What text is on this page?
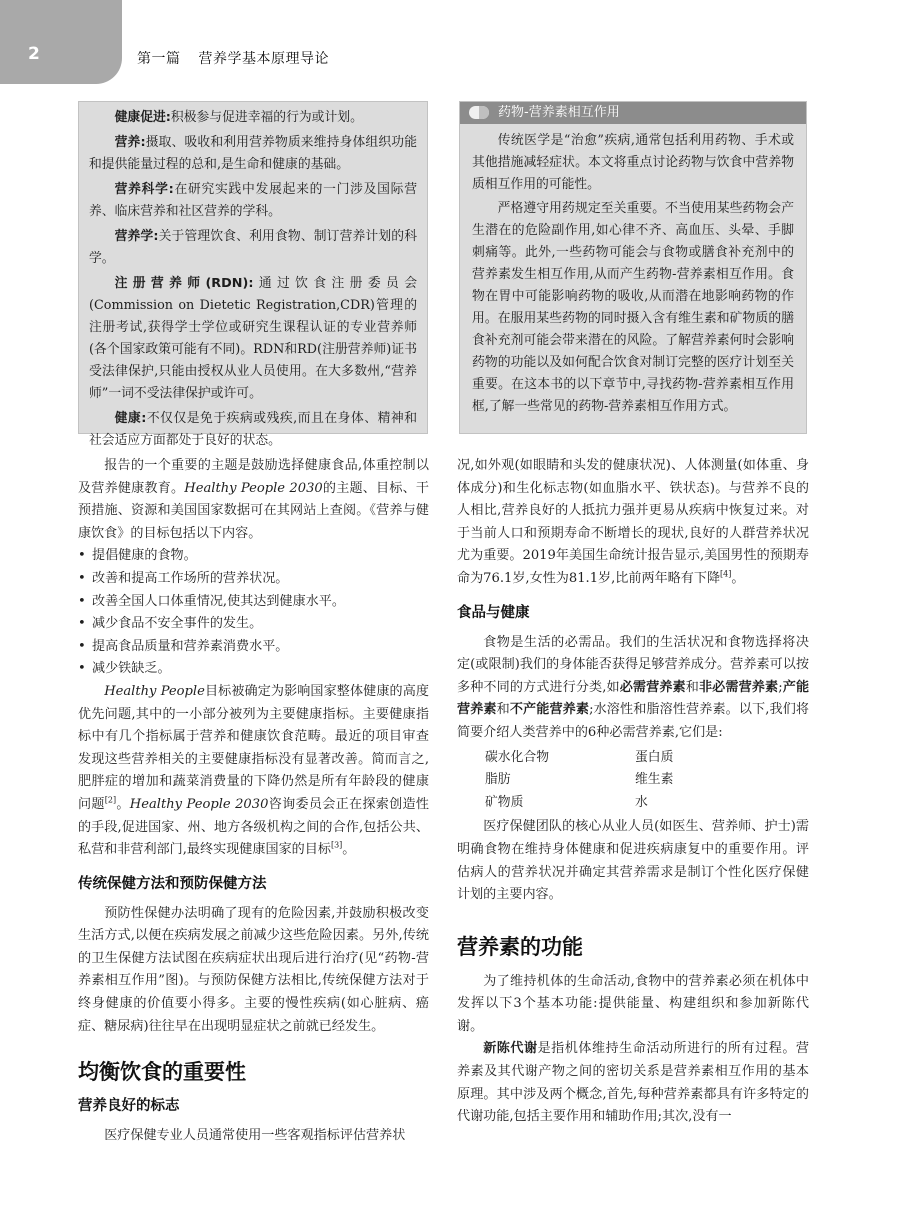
2	第一篇 营养学基本原理导论

健康促进:积极参与促进幸福的行为或计划。

营养:摄取、吸收和利用营养物质来维持身体组织功能和提供能量过程的总和,是生命和健康的基础。

营养科学:在研究实践中发展起来的一门涉及国际营养、临床营养和社区营养的学科。

营养学:关于管理饮食、利用食物、制订营养计划的科学。

注册营养师(RDN):通过饮食注册委员会(Commission on Dietetic Registration,CDR)管理的注册考试,获得学士学位或研究生课程认证的专业营养师(各个国家政策可能有不同)。RDN和RD(注册营养师)证书受法律保护,只能由授权从业人员使用。在大多数州,“营养师”一词不受法律保护或许可。

健康:不仅仅是免于疾病或残疾,而且在身体、精神和社会适应方面都处于良好的状态。

药物-营养素相互作用

传统医学是“治愈”疾病,通常包括利用药物、手术或其他措施减轻症状。本文将重点讨论药物与饮食中营养物质相互作用的可能性。

严格遵守用药规定至关重要。不当使用某些药物会产生潜在的危险副作用,如心律不齐、高血压、头晕、手脚刺痛等。此外,一些药物可能会与食物或膳食补充剂中的营养素发生相互作用,从而产生药物-营养素相互作用。食物在胃中可能影响药物的吸收,从而潜在地影响药物的作用。在服用某些药物的同时摄入含有维生素和矿物质的膳食补充剂可能会带来潜在的风险。了解营养素何时会影响药物的功能以及如何配合饮食对制订完整的医疗计划至关重要。在这本书的以下章节中,寻找药物-营养素相互作用框,了解一些常见的药物-营养素相互作用方式。

报告的一个重要的主题是鼓励选择健康食品,体重控制以及营养健康教育。Healthy People 2030的主题、目标、干预措施、资源和美国国家数据可在其网站上查阅。《营养与健康饮食》的目标包括以下内容。

• 提倡健康的食物。
• 改善和提高工作场所的营养状况。
• 改善全国人口体重情况,使其达到健康水平。
• 减少食品不安全事件的发生。
• 提高食品质量和营养素消费水平。
• 减少铁缺乏。

Healthy People目标被确定为影响国家整体健康的高度优先问题,其中的一小部分被列为主要健康指标。主要健康指标中有几个指标属于营养和健康饮食范畴。最近的项目审查发现这些营养相关的主要健康指标没有显著改善。简而言之,肥胖症的增加和蔬菜消费量的下降仍然是所有年龄段的健康问题[2]。Healthy People 2030咨询委员会正在探索创造性的手段,促进国家、州、地方各级机构之间的合作,包括公共、私营和非营利部门,最终实现健康国家的目标[3]。

传统保健方法和预防保健方法

预防性保健办法明确了现有的危险因素,并鼓励积极改变生活方式,以便在疾病发展之前减少这些危险因素。另外,传统的卫生保健方法试图在疾病症状出现后进行治疗(见“药物-营养素相互作用”图)。与预防保健方法相比,传统保健方法对于终身健康的价值要小得多。主要的慢性疾病(如心脏病、癌症、糖尿病)往往早在出现明显症状之前就已经发生。

均衡饮食的重要性
营养良好的标志

医疗保健专业人员通常使用一些客观指标评估营养状

况,如外观(如眼睛和头发的健康状况)、人体测量(如体重、身体成分)和生化标志物(如血脂水平、铁状态)。与营养不良的人相比,营养良好的人抵抗力强并更易从疾病中恢复过来。对于当前人口和预期寿命不断增长的现状,良好的人群营养状况尤为重要。2019年美国生命统计报告显示,美国男性的预期寿命为76.1岁,女性为81.1岁,比前两年略有下降[4]。

食品与健康

食物是生活的必需品。我们的生活状况和食物选择将决定(或限制)我们的身体能否获得足够营养成分。营养素可以按多种不同的方式进行分类,如必需营养素和非必需营养素;产能营养素和不产能营养素;水溶性和脂溶性营养素。以下,我们将简要介绍人类营养中的6种必需营养素,它们是:

碳水化合物	蛋白质
脂肪	维生素
矿物质	水

医疗保健团队的核心从业人员(如医生、营养师、护士)需明确食物在维持身体健康和促进疾病康复中的重要作用。评估病人的营养状况并确定其营养需求是制订个性化医疗保健计划的主要内容。

营养素的功能

为了维持机体的生命活动,食物中的营养素必须在机体中发挥以下3个基本功能:提供能量、构建组织和参加新陈代谢。

新陈代谢是指机体维持生命活动所进行的所有过程。营养素及其代谢产物之间的密切关系是营养素相互作用的基本原理。其中涉及两个概念,首先,每种营养素都具有许多特定的代谢功能,包括主要作用和辅助作用;其次,没有一
